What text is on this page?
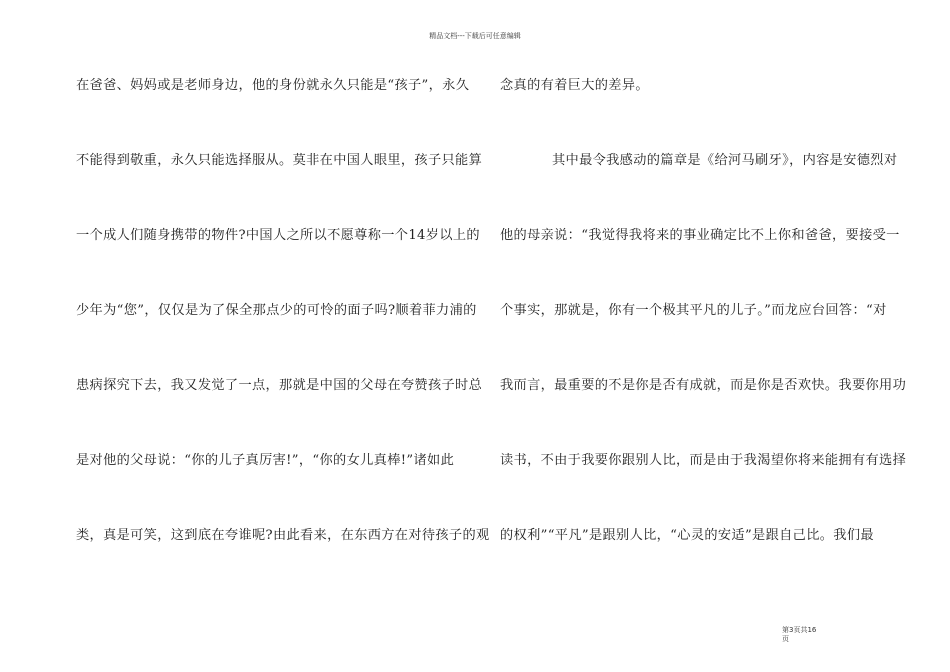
精品文档---下载后可任意编辑
在爸爸、妈妈或是老师身边，他的身份就永久只能是“孩子”，永久
不能得到敬重，永久只能选择服从。莫非在中国人眼里，孩子只能算
一个成人们随身携带的物件?中国人之所以不愿尊称一个14岁以上的
少年为“您”，仅仅是为了保全那点少的可怜的面子吗?顺着菲力浦的
患病探究下去，我又发觉了一点，那就是中国的父母在夸赞孩子时总
是对他的父母说：“你的儿子真厉害!”，“你的女儿真棒!”诸如此
类，真是可笑，这到底在夸谁呢?由此看来，在东西方在对待孩子的观
念真的有着巨大的差异。
其中最令我感动的篇章是《给河马刷牙》，内容是安德烈对
他的母亲说：“我觉得我将来的事业确定比不上你和爸爸，要接受一
个事实，那就是，你有一个极其平凡的儿子。”而龙应台回答：“对
我而言，最重要的不是你是否有成就，而是你是否欢快。我要你用功
读书，不由于我要你跟别人比，而是由于我渴望你将来能拥有有选择
的权利”“平凡”是跟别人比，“心灵的安适”是跟自己比。我们最
第3页共16
页
